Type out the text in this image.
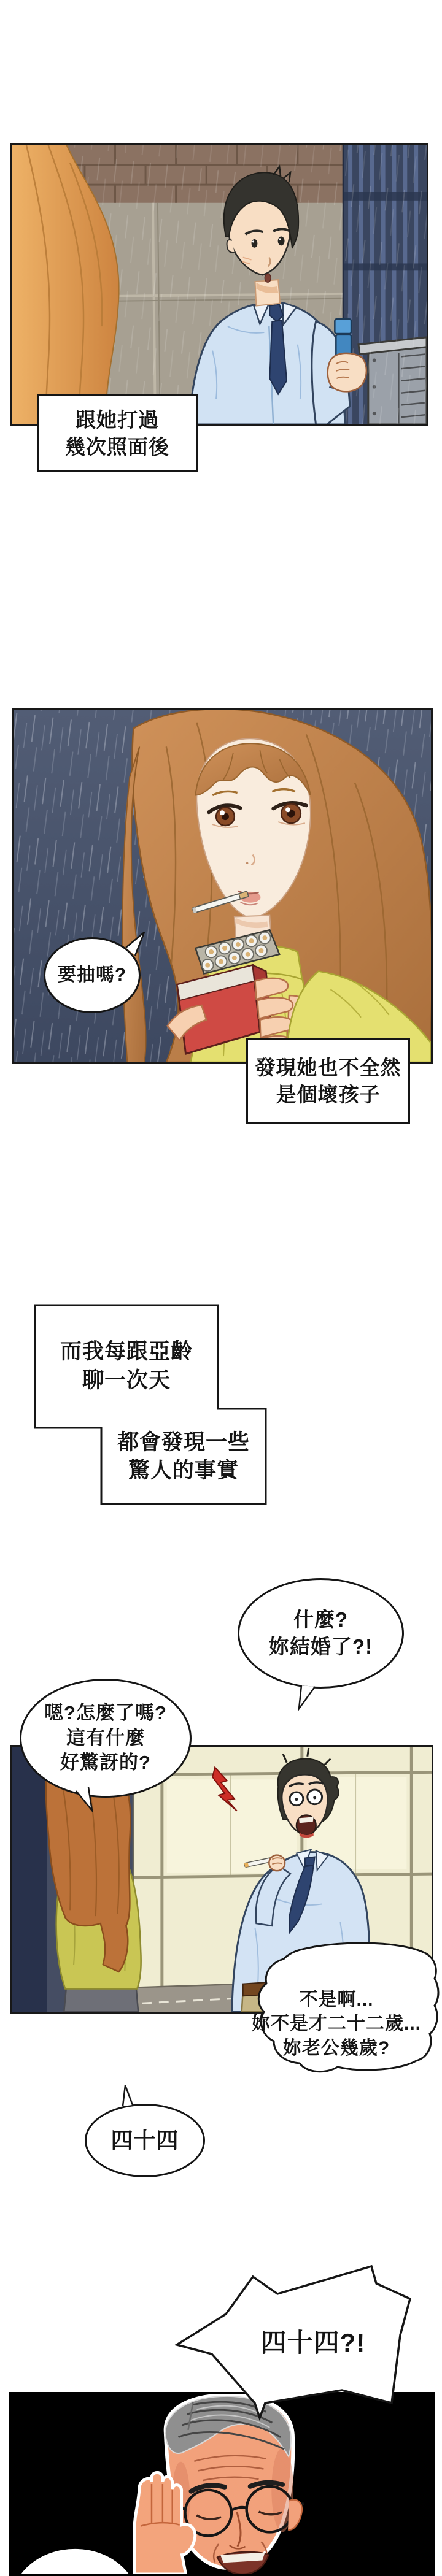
跟她打過
幾次照面後
要抽嗎?
發現她也不全然
是個壞孩子
而我每跟亞齡
聊一次天
都會發現一些
驚人的事實
什麼?
妳結婚了?!
嗯?怎麼了嗎?
這有什麼
好驚訝的?
不是啊...
妳不是才二十二歲...
妳老公幾歲?
四十四
四十四?!
